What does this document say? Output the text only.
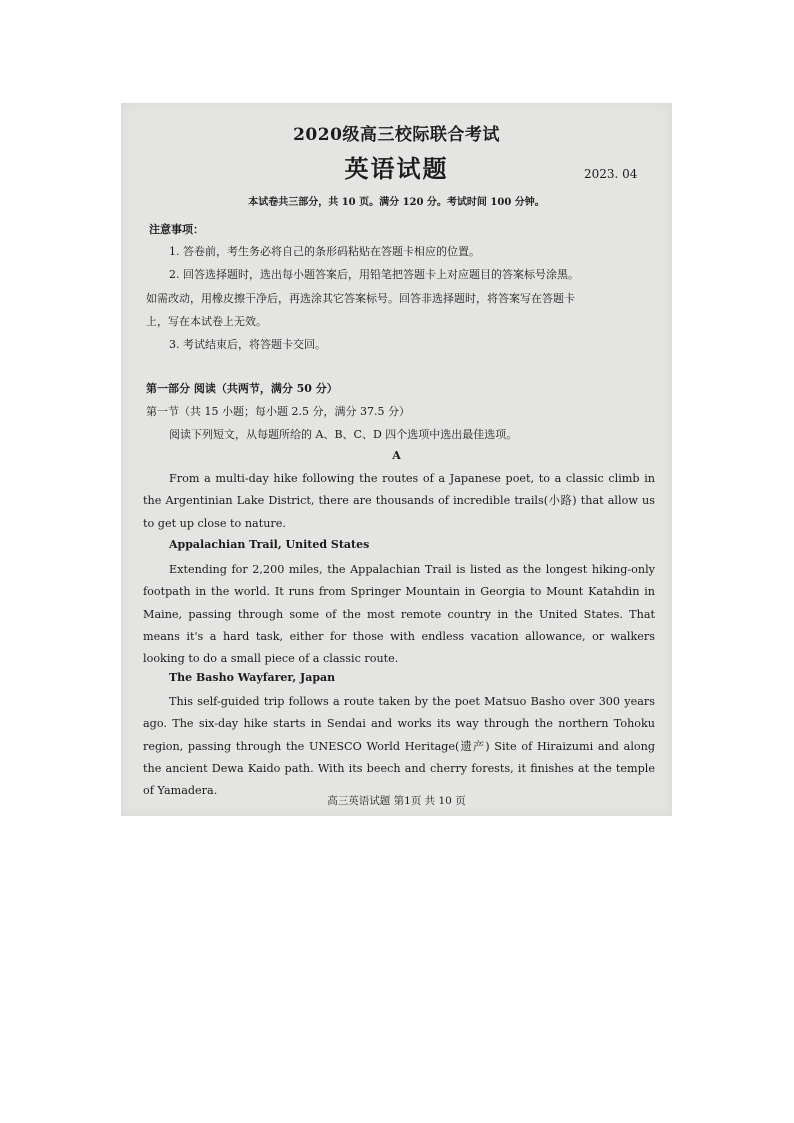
2020级高三校际联合考试
英语试题	2023. 04
本试卷共三部分，共 10 页。满分 120 分。考试时间 100 分钟。
注意事项：
1. 答卷前，考生务必将自己的条形码粘贴在答题卡相应的位置。
2. 回答选择题时，选出每小题答案后，用铅笔把答题卡上对应题目的答案标号涂黑。
如需改动，用橡皮擦干净后，再选涂其它答案标号。回答非选择题时，将答案写在答题卡
上，写在本试卷上无效。
3. 考试结束后，将答题卡交回。
第一部分 阅读（共两节，满分 50 分）
第一节（共 15 小题；每小题 2.5 分，满分 37.5 分）
阅读下列短文，从每题所给的 A、B、C、D 四个选项中选出最佳选项。
A
From a multi-day hike following the routes of a Japanese poet, to a classic climb in the Argentinian Lake District, there are thousands of incredible trails(小路) that allow us to get up close to nature.
Appalachian Trail, United States
Extending for 2,200 miles, the Appalachian Trail is listed as the longest hiking-only footpath in the world. It runs from Springer Mountain in Georgia to Mount Katahdin in Maine, passing through some of the most remote country in the United States. That means it's a hard task, either for those with endless vacation allowance, or walkers looking to do a small piece of a classic route.
The Basho Wayfarer, Japan
This self-guided trip follows a route taken by the poet Matsuo Basho over 300 years ago. The six-day hike starts in Sendai and works its way through the northern Tohoku region, passing through the UNESCO World Heritage(遗产) Site of Hiraizumi and along the ancient Dewa Kaido path. With its beech and cherry forests, it finishes at the temple of Yamadera.
高三英语试题 第1页 共 10 页
